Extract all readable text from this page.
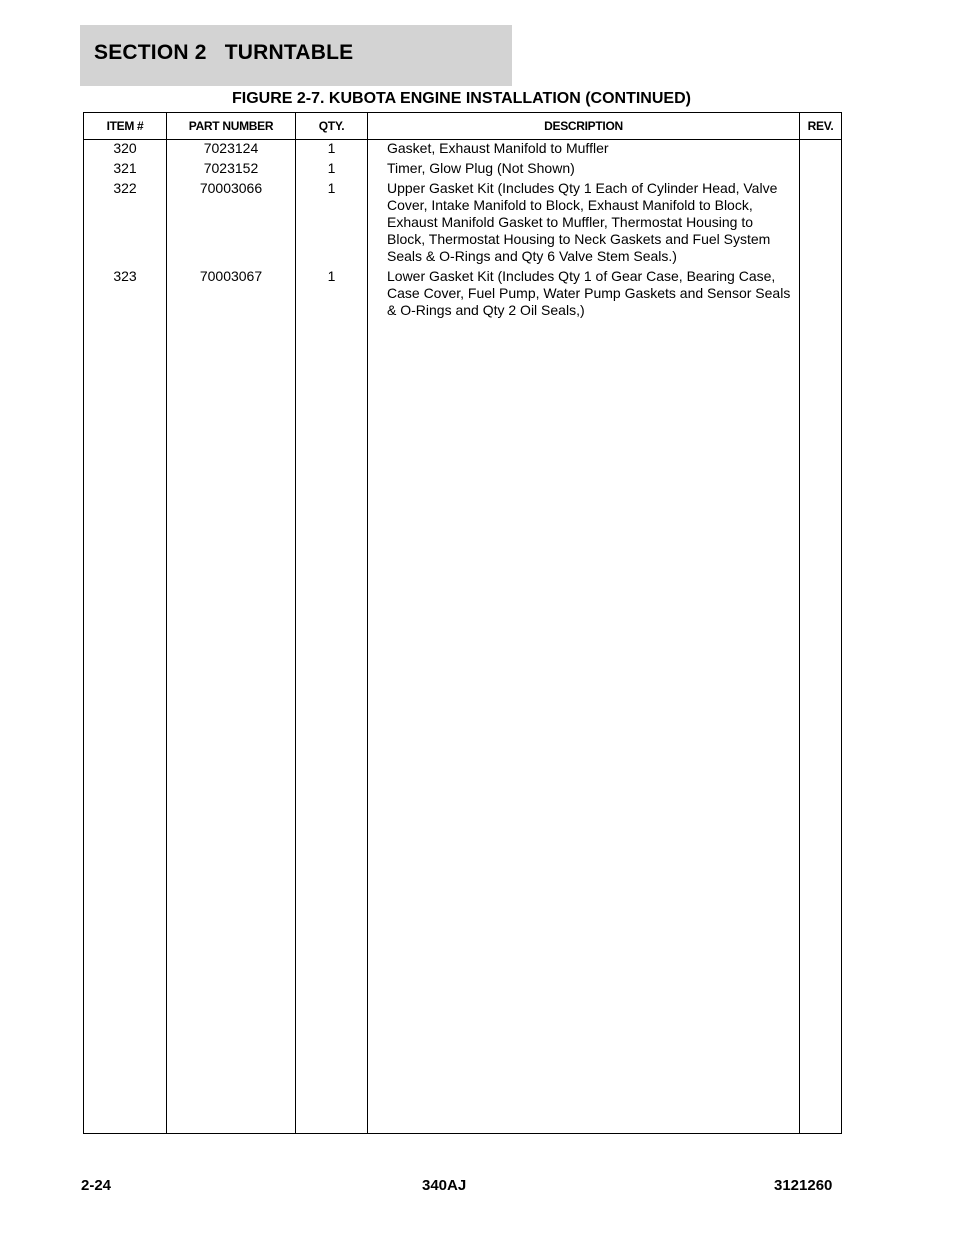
SECTION 2   TURNTABLE
FIGURE 2-7. KUBOTA ENGINE INSTALLATION (CONTINUED)
ITEM #	PART NUMBER	QTY.	DESCRIPTION	REV.
320	7023124	1	Gasket, Exhaust Manifold to Muffler	
321	7023152	1	Timer, Glow Plug (Not Shown)	
322	70003066	1	Upper Gasket Kit (Includes Qty 1 Each of Cylinder Head, Valve Cover, Intake Manifold to Block, Exhaust Manifold to Block, Exhaust Manifold Gasket to Muffler, Thermostat Housing to Block, Thermostat Housing to Neck Gaskets and Fuel System Seals & O-Rings and Qty 6 Valve Stem Seals.)	
323	70003067	1	Lower Gasket Kit (Includes Qty 1 of Gear Case, Bearing Case, Case Cover, Fuel Pump, Water Pump Gaskets and Sensor Seals & O-Rings and Qty 2 Oil Seals,)	

2-24	340AJ	3121260
